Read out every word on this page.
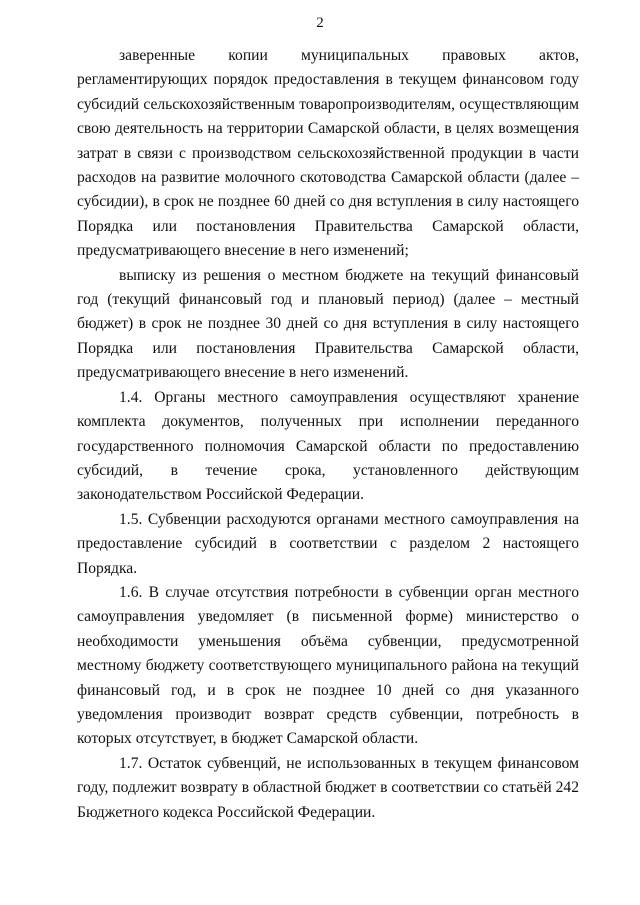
2

заверенные копии муниципальных правовых актов, регламентирующих порядок предоставления в текущем финансовом году субсидий сельскохозяйственным товаропроизводителям, осуществляющим свою деятельность на территории Самарской области, в целях возмещения затрат в связи с производством сельскохозяйственной продукции в части расходов на развитие молочного скотоводства Самарской области (далее – субсидии), в срок не позднее 60 дней со дня вступления в силу настоящего Порядка или постановления Правительства Самарской области, предусматривающего внесение в него изменений;

выписку из решения о местном бюджете на текущий финансовый год (текущий финансовый год и плановый период) (далее – местный бюджет) в срок не позднее 30 дней со дня вступления в силу настоящего Порядка или постановления Правительства Самарской области, предусматривающего внесение в него изменений.

1.4. Органы местного самоуправления осуществляют хранение комплекта документов, полученных при исполнении переданного государственного полномочия Самарской области по предоставлению субсидий, в течение срока, установленного действующим законодательством Российской Федерации.

1.5. Субвенции расходуются органами местного самоуправления на предоставление субсидий в соответствии с разделом 2 настоящего Порядка.

1.6. В случае отсутствия потребности в субвенции орган местного самоуправления уведомляет (в письменной форме) министерство о необходимости уменьшения объёма субвенции, предусмотренной местному бюджету соответствующего муниципального района на текущий финансовый год, и в срок не позднее 10 дней со дня указанного уведомления производит возврат средств субвенции, потребность в которых отсутствует, в бюджет Самарской области.

1.7. Остаток субвенций, не использованных в текущем финансовом году, подлежит возврату в областной бюджет в соответствии со статьёй 242 Бюджетного кодекса Российской Федерации.
